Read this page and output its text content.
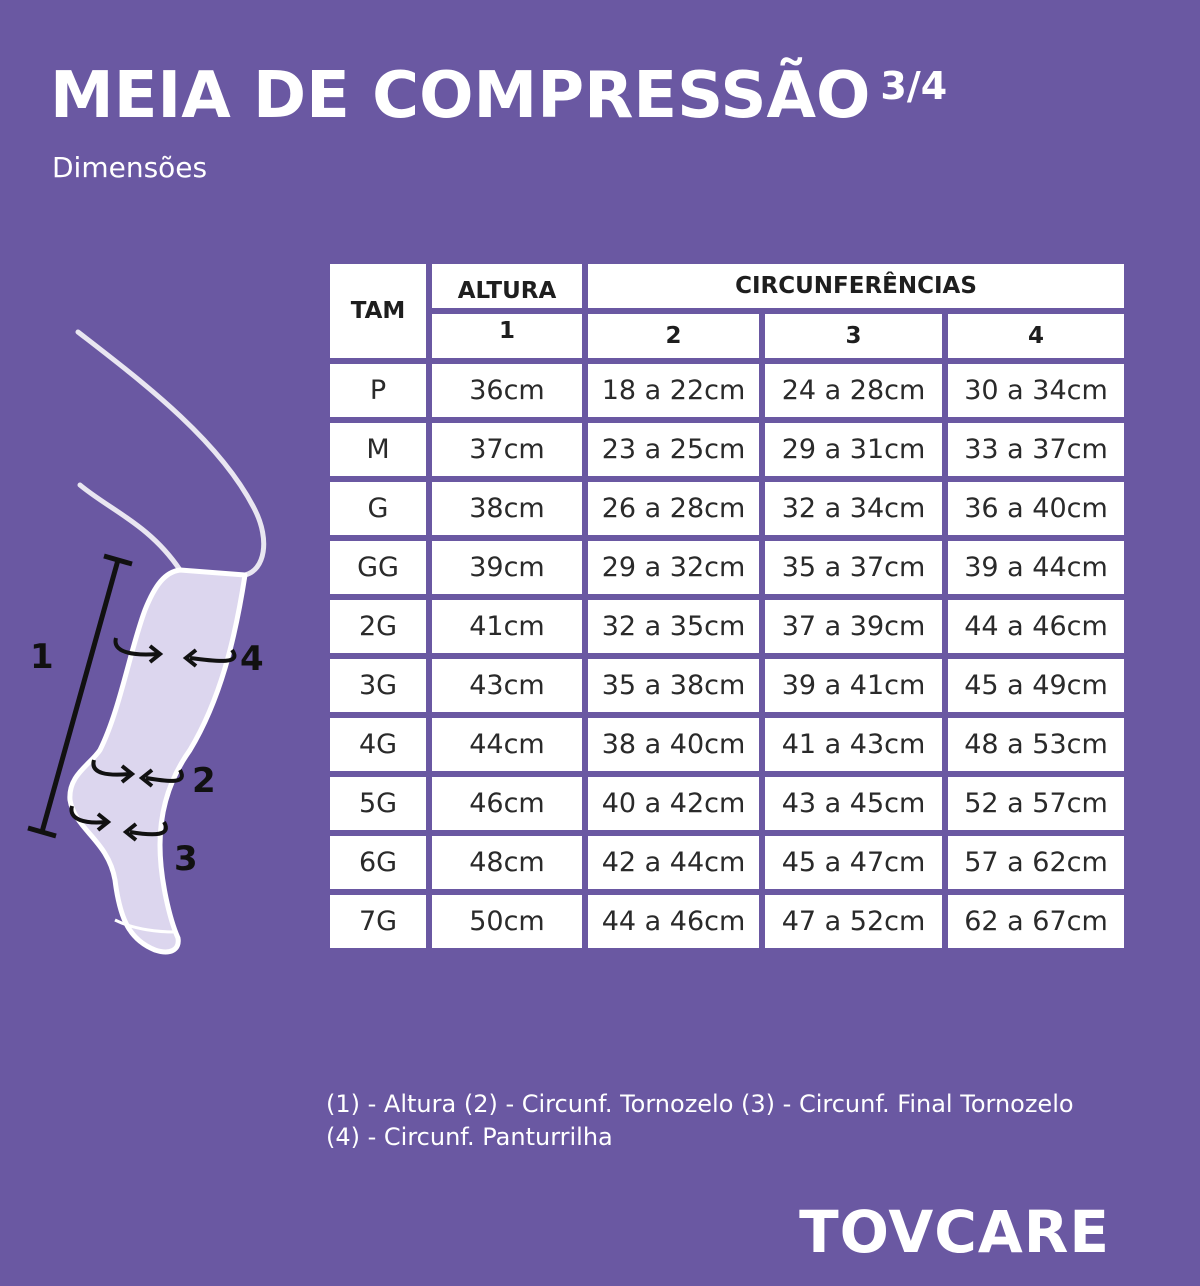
MEIA DE COMPRESSÃO $^{3/4}$
Dimensões
1	4
2
3
TAM	ALTURA	CIRCUNFERÊNCIAS		
	1	2	3	4
P	36cm	18 a 22cm	24 a 28cm	30 a 34cm
M	37cm	23 a 25cm	29 a 31cm	33 a 37cm
G	38cm	26 a 28cm	32 a 34cm	36 a 40cm
GG	39cm	29 a 32cm	35 a 37cm	39 a 44cm
2G	41cm	32 a 35cm	37 a 39cm	44 a 46cm
3G	43cm	35 a 38cm	39 a 41cm	45 a 49cm
4G	44cm	38 a 40cm	41 a 43cm	48 a 53cm
5G	46cm	40 a 42cm	43 a 45cm	52 a 57cm
6G	48cm	42 a 44cm	45 a 47cm	57 a 62cm
7G	50cm	44 a 46cm	47 a 52cm	62 a 67cm
(1) - Altura (2) - Circunf. Tornozelo (3) - Circunf. Final Tornozelo
(4) - Circunf. Panturrilha
TOVCARE
